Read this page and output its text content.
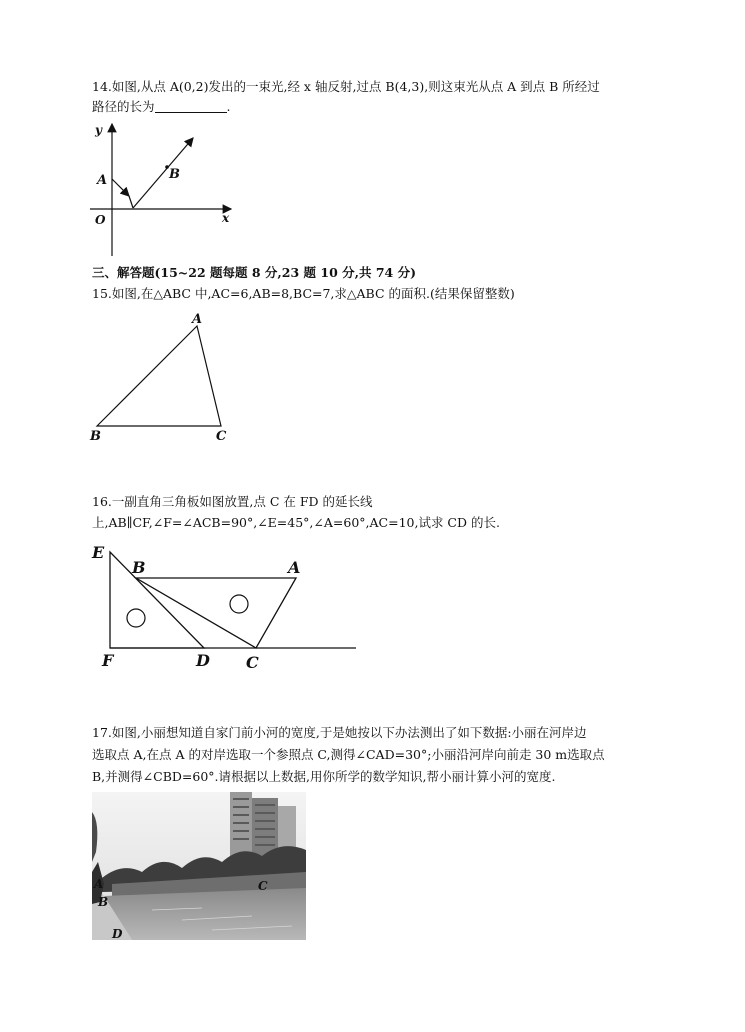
14.如图,从点 A(0,2)发出的一束光,经 x 轴反射,过点 B(4,3),则这束光从点 A 到点 B 所经过
路径的长为	.
y
x
O
A	B
三、解答题(15~22 题每题 8 分,23 题 10 分,共 74 分)
15.如图,在△ABC 中,AC=6,AB=8,BC=7,求△ABC 的面积.(结果保留整数)
A
B	C
16.一副直角三角板如图放置,点 C 在 FD 的延长线
上,AB∥CF,∠F=∠ACB=90°,∠E=45°,∠A=60°,AC=10,试求 CD 的长.
E
B	A
F	D C
17.如图,小丽想知道自家门前小河的宽度,于是她按以下办法测出了如下数据:小丽在河岸边
选取点 A,在点 A 的对岸选取一个参照点 C,测得∠CAD=30°;小丽沿河岸向前走 30 m选取点
B,并测得∠CBD=60°.请根据以上数据,用你所学的数学知识,帮小丽计算小河的宽度.
A
B
C
D
